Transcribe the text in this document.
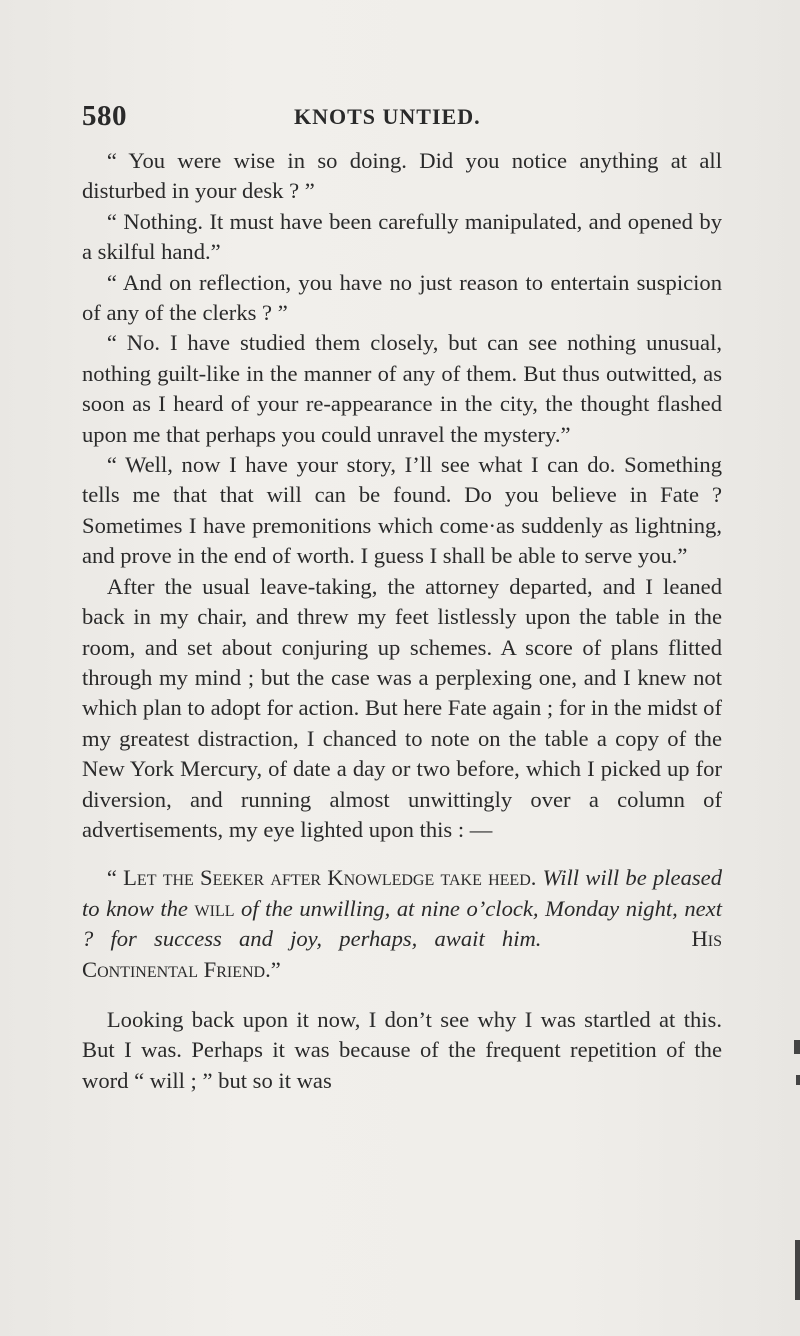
580	KNOTS UNTIED.

“ You were wise in so doing. Did you notice anything at all disturbed in your desk ? ”

“ Nothing. It must have been carefully manipulated, and opened by a skilful hand.”

“ And on reflection, you have no just reason to entertain suspicion of any of the clerks ? ”

“ No. I have studied them closely, but can see nothing unusual, nothing guilt-like in the manner of any of them. But thus outwitted, as soon as I heard of your re-appearance in the city, the thought flashed upon me that perhaps you could unravel the mystery.”

“ Well, now I have your story, I’ll see what I can do. Something tells me that that will can be found. Do you believe in Fate ? Sometimes I have premonitions which come·as suddenly as lightning, and prove in the end of worth. I guess I shall be able to serve you.”

After the usual leave-taking, the attorney departed, and I leaned back in my chair, and threw my feet listlessly upon the table in the room, and set about conjuring up schemes. A score of plans flitted through my mind ; but the case was a perplexing one, and I knew not which plan to adopt for action. But here Fate again ; for in the midst of my greatest distraction, I chanced to note on the table a copy of the New York Mercury, of date a day or two before, which I picked up for diversion, and running almost unwittingly over a column of advertisements, my eye lighted upon this : —

“ Let the Seeker after Knowledge take heed. Will will be pleased to know the will of the unwilling, at nine o’clock, Monday night, next ? for success and joy, perhaps, await him.	His Continental Friend.”

Looking back upon it now, I don’t see why I was startled at this. But I was. Perhaps it was because of the frequent repetition of the word “ will ; ” but so it was
